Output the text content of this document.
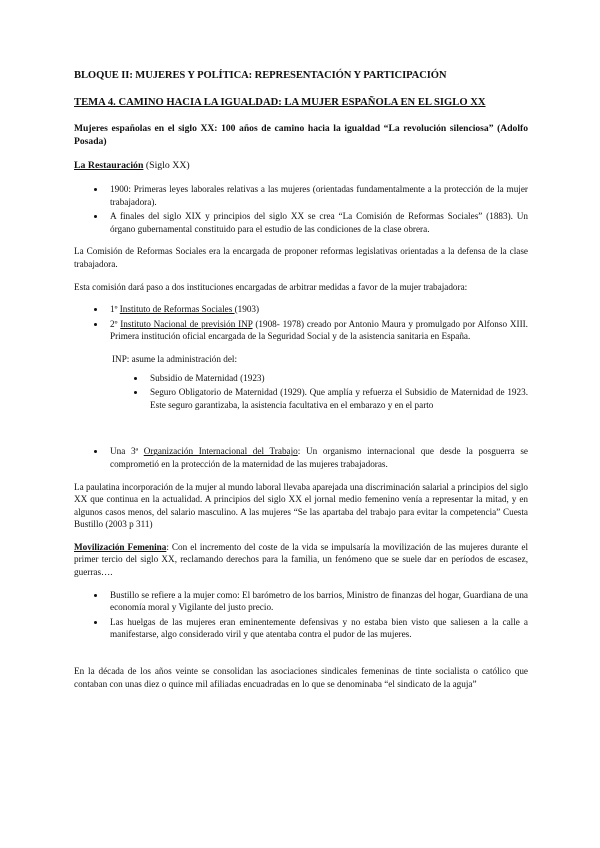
BLOQUE II: MUJERES Y POLÍTICA: REPRESENTACIÓN Y PARTICIPACIÓN
TEMA 4. CAMINO HACIA LA IGUALDAD: LA MUJER ESPAÑOLA EN EL SIGLO XX
Mujeres españolas en el siglo XX: 100 años de camino hacia la igualdad “La revolución silenciosa” (Adolfo Posada)
La Restauración (Siglo XX)
• 1900: Primeras leyes laborales relativas a las mujeres (orientadas fundamentalmente a la protección de la mujer trabajadora).
• A finales del siglo XIX y principios del siglo XX se crea “La Comisión de Reformas Sociales” (1883). Un órgano gubernamental constituido para el estudio de las condiciones de la clase obrera.

La Comisión de Reformas Sociales era la encargada de proponer reformas legislativas orientadas a la defensa de la clase trabajadora.

Esta comisión dará paso a dos instituciones encargadas de arbitrar medidas a favor de la mujer trabajadora:

• 1º Instituto de Reformas Sociales (1903)
• 2º Instituto Nacional de previsión INP (1908- 1978) creado por Antonio Maura y promulgado por Alfonso XIII. Primera institución oficial encargada de la Seguridad Social y de la asistencia sanitaria en España.

INP: asume la administración del:

• Subsidio de Maternidad (1923)
• Seguro Obligatorio de Maternidad (1929). Que amplía y refuerza el Subsidio de Maternidad de 1923. Este seguro garantizaba, la asistencia facultativa en el embarazo y en el parto
• Una 3ª Organización Internacional del Trabajo: Un organismo internacional que desde la posguerra se comprometió en la protección de la maternidad de las mujeres trabajadoras.

La paulatina incorporación de la mujer al mundo laboral llevaba aparejada una discriminación salarial a principios del siglo XX que continua en la actualidad. A principios del siglo XX el jornal medio femenino venía a representar la mitad, y en algunos casos menos, del salario masculino. A las mujeres “Se las apartaba del trabajo para evitar la competencia” Cuesta Bustillo (2003 p 311)

Movilización Femenina: Con el incremento del coste de la vida se impulsaría la movilización de las mujeres durante el primer tercio del siglo XX, reclamando derechos para la familia, un fenómeno que se suele dar en períodos de escasez, guerras….

• Bustillo se refiere a la mujer como: El barómetro de los barrios, Ministro de finanzas del hogar, Guardiana de una economía moral y Vigilante del justo precio.
• Las huelgas de las mujeres eran eminentemente defensivas y no estaba bien visto que saliesen a la calle a manifestarse, algo considerado viril y que atentaba contra el pudor de las mujeres.

En la década de los años veinte se consolidan las asociaciones sindicales femeninas de tinte socialista o católico que contaban con unas diez o quince mil afiliadas encuadradas en lo que se denominaba “el sindicato de la aguja”
